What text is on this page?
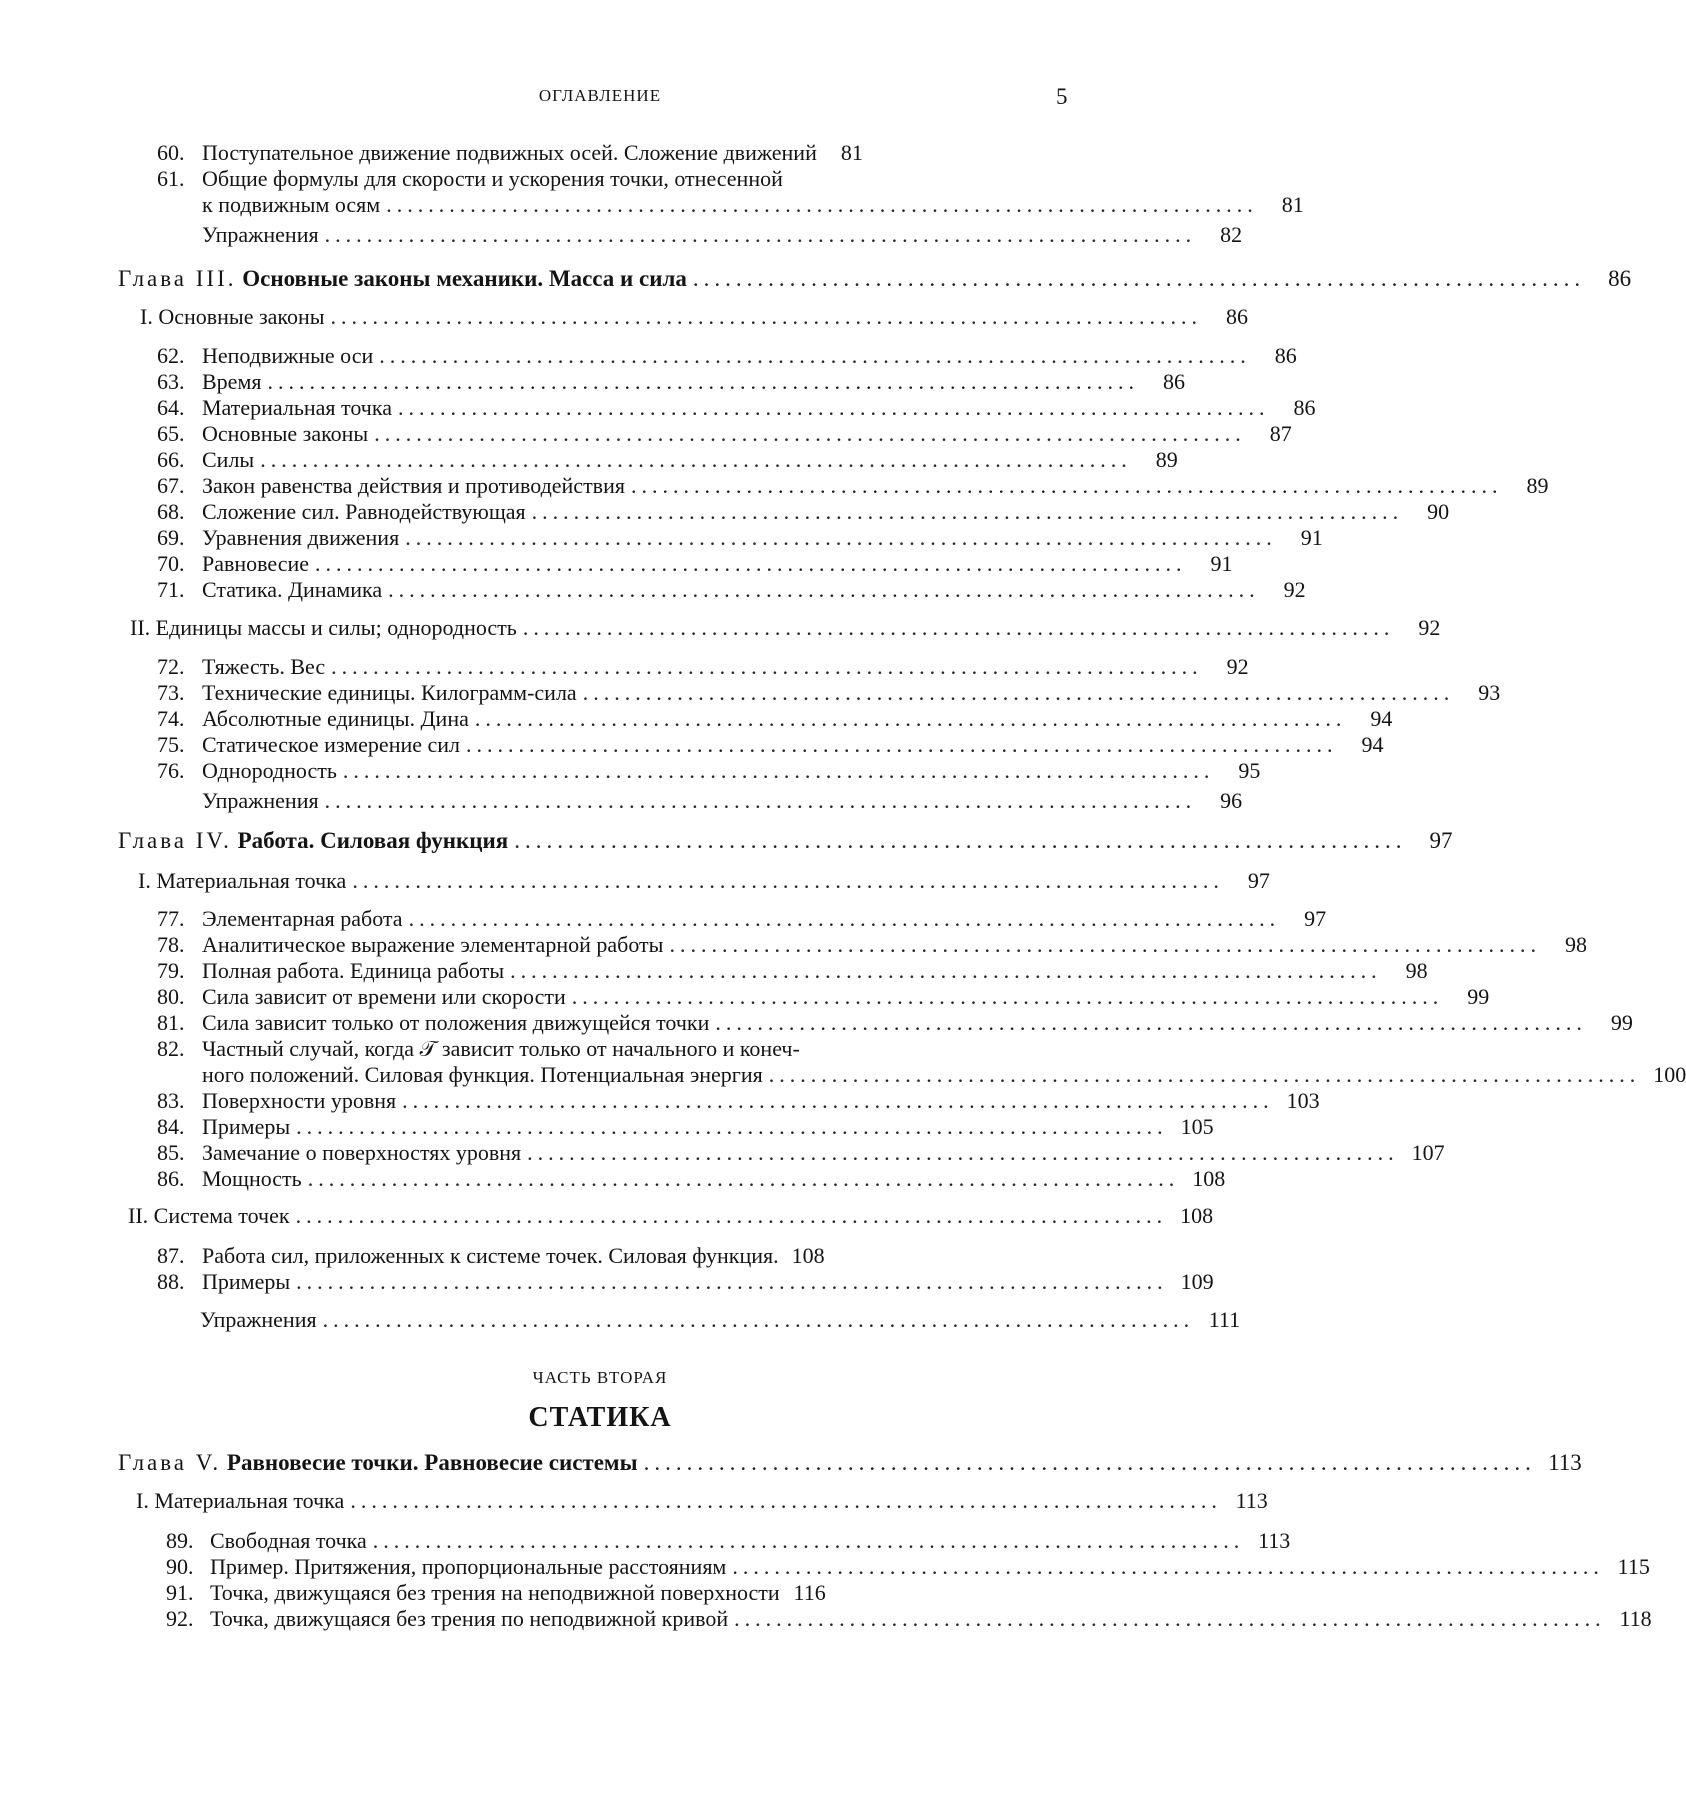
ОГЛАВЛЕНИЕ	5
60. Поступательное движение подвижных осей. Сложение движений	81
61. Общие формулы для скорости и ускорения точки, отнесенной
к подвижным осям ...................................................................................	81
Упражнения ...................................................................................	82
Глава III. Основные законы механики. Масса и сила ...................................................................................	86
I. Основные законы ...................................................................................	86
62. Неподвижные оси ...................................................................................	86
63. Время ...................................................................................	86
64. Материальная точка ...................................................................................	86
65. Основные законы ...................................................................................	87
66. Силы ...................................................................................	89
67. Закон равенства действия и противодействия ...................................................................................	89
68. Сложение сил. Равнодействующая ...................................................................................	90
69. Уравнения движения ...................................................................................	91
70. Равновесие ...................................................................................	91
71. Статика. Динамика ...................................................................................	92
II. Единицы массы и силы; однородность ...................................................................................	92
72. Тяжесть. Вес ...................................................................................	92
73. Технические единицы. Килограмм-сила ...................................................................................	93
74. Абсолютные единицы. Дина ...................................................................................	94
75. Статическое измерение сил ...................................................................................	94
76. Однородность ...................................................................................	95
Упражнения ...................................................................................	96
Глава IV. Работа. Силовая функция ...................................................................................	97
I. Материальная точка ...................................................................................	97
77. Элементарная работа ...................................................................................	97
78. Аналитическое выражение элементарной работы ...................................................................................	98
79. Полная работа. Единица работы ...................................................................................	98
80. Сила зависит от времени или скорости ...................................................................................	99
81. Сила зависит только от положения движущейся точки ...................................................................................	99
82. Частный случай, когда 𝒯 зависит только от начального и конеч-
ного положений. Силовая функция. Потенциальная энергия ................................................................................... 100
83. Поверхности уровня ................................................................................... 103
84. Примеры ................................................................................... 105
85. Замечание о поверхностях уровня ................................................................................... 107
86. Мощность ................................................................................... 108
II. Система точек ................................................................................... 108
87. Работа сил, приложенных к системе точек. Силовая функция. 108
88. Примеры ................................................................................... 109
Упражнения ................................................................................... 111
ЧАСТЬ ВТОРАЯ
СТАТИКА
Глава V. Равновесие точки. Равновесие системы ................................................................................... 113
I. Материальная точка ................................................................................... 113
89. Свободная точка ................................................................................... 113
90. Пример. Притяжения, пропорциональные расстояниям ................................................................................... 115
91. Точка, движущаяся без трения на неподвижной поверхности 116
92. Точка, движущаяся без трения по неподвижной кривой ................................................................................... 118
